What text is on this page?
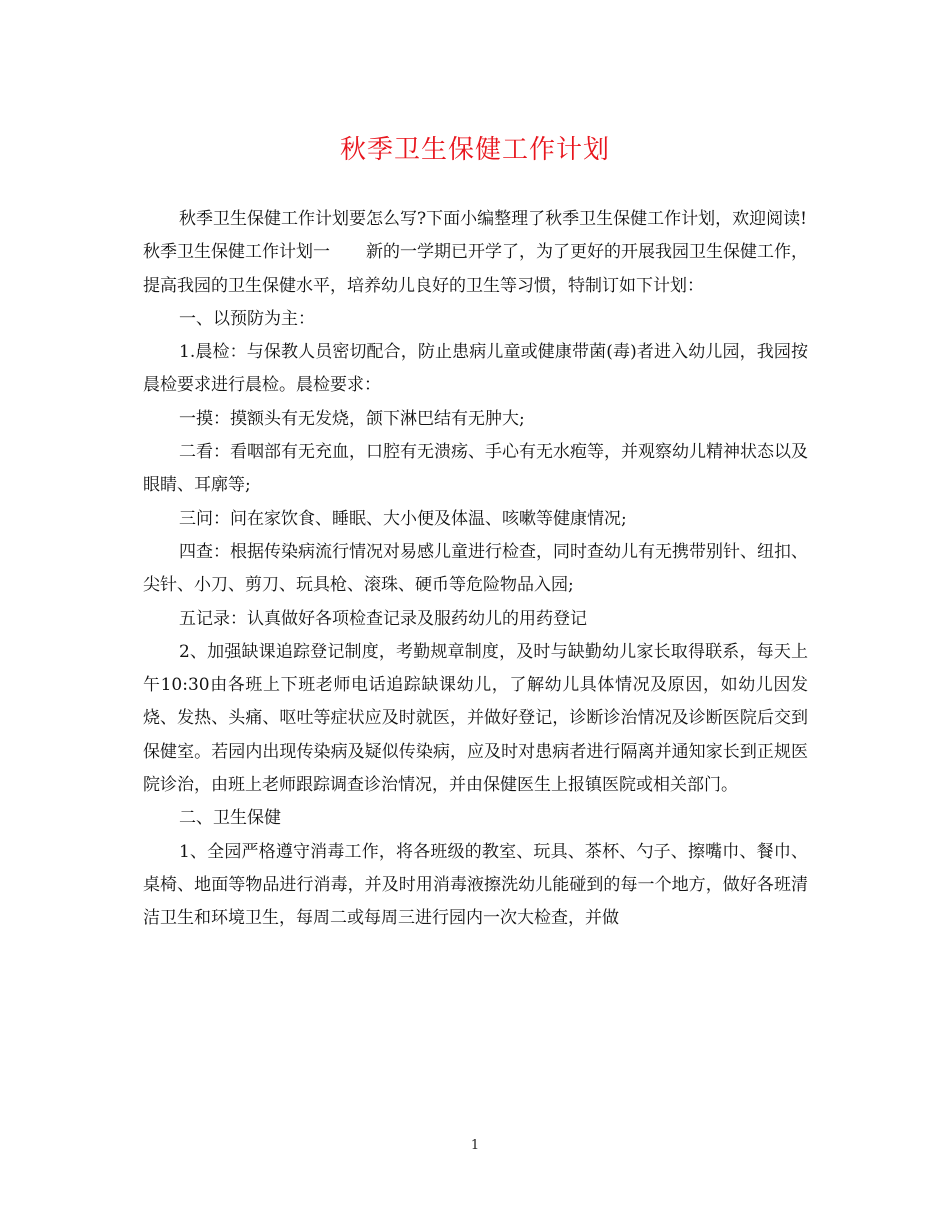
秋季卫生保健工作计划

秋季卫生保健工作计划要怎么写?下面小编整理了秋季卫生保健工作计划，欢迎阅读!

秋季卫生保健工作计划一 新的一学期已开学了，为了更好的开展我园卫生保健工作，提高我园的卫生保健水平，培养幼儿良好的卫生等习惯，特制订如下计划：

一、以预防为主：

1.晨检：与保教人员密切配合，防止患病儿童或健康带菌(毒)者进入幼儿园，我园按晨检要求进行晨检。晨检要求：

一摸：摸额头有无发烧，颌下淋巴结有无肿大;

二看：看咽部有无充血，口腔有无溃疡、手心有无水疱等，并观察幼儿精神状态以及眼睛、耳廓等;

三问：问在家饮食、睡眠、大小便及体温、咳嗽等健康情况;

四查：根据传染病流行情况对易感儿童进行检查，同时查幼儿有无携带别针、纽扣、尖针、小刀、剪刀、玩具枪、滚珠、硬币等危险物品入园;

五记录：认真做好各项检查记录及服药幼儿的用药登记

2、加强缺课追踪登记制度，考勤规章制度，及时与缺勤幼儿家长取得联系，每天上午10:30由各班上下班老师电话追踪缺课幼儿，了解幼儿具体情况及原因，如幼儿因发烧、发热、头痛、呕吐等症状应及时就医，并做好登记，诊断诊治情况及诊断医院后交到保健室。若园内出现传染病及疑似传染病，应及时对患病者进行隔离并通知家长到正规医院诊治，由班上老师跟踪调查诊治情况，并由保健医生上报镇医院或相关部门。

二、卫生保健

1、全园严格遵守消毒工作，将各班级的教室、玩具、茶杯、勺子、擦嘴巾、餐巾、桌椅、地面等物品进行消毒，并及时用消毒液擦洗幼儿能碰到的每一个地方，做好各班清洁卫生和环境卫生，每周二或每周三进行园内一次大检查，并做

1
